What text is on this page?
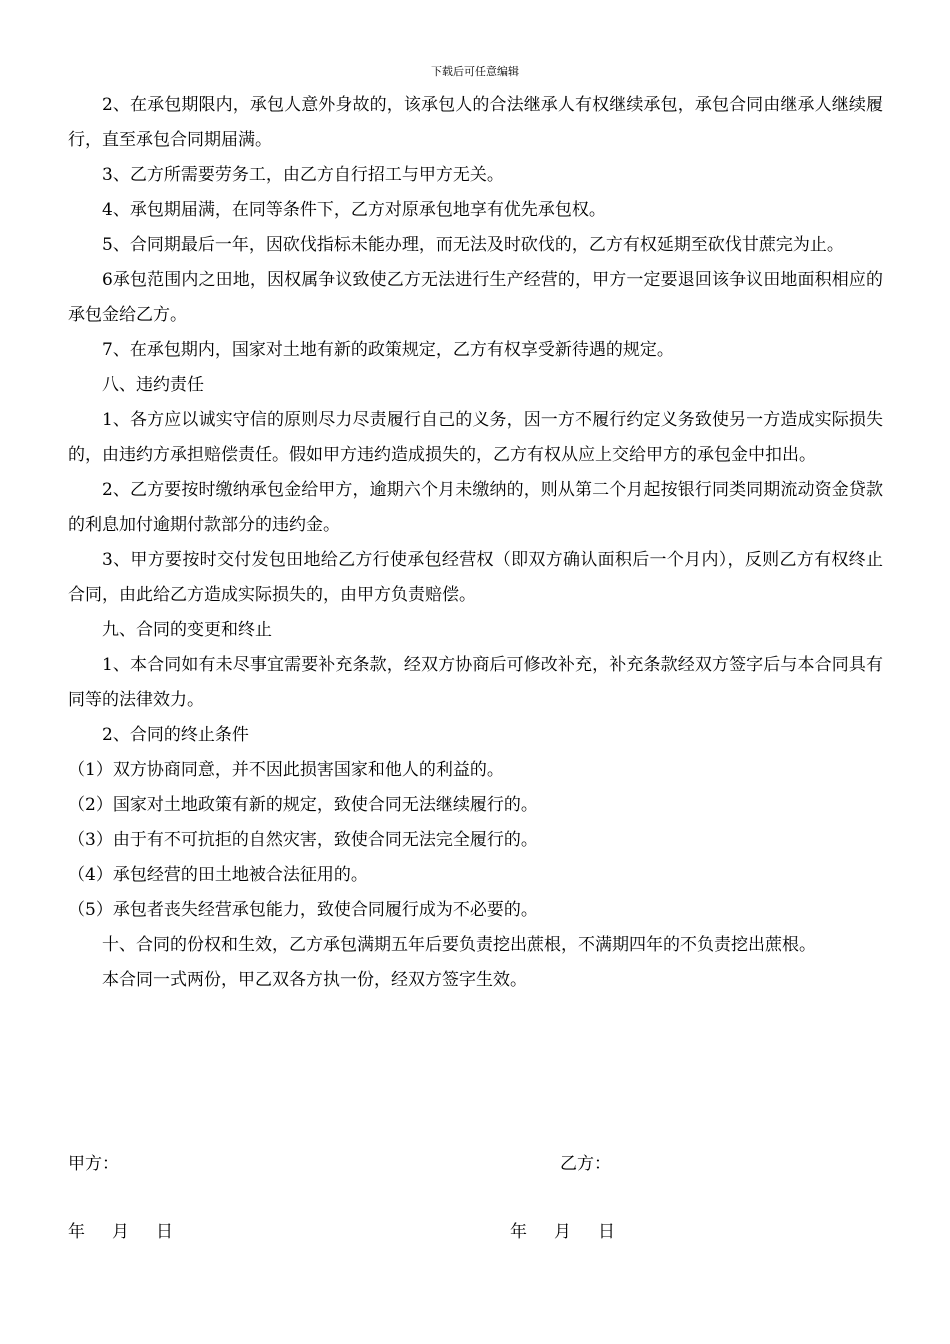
下载后可任意编辑

2、在承包期限内，承包人意外身故的，该承包人的合法继承人有权继续承包，承包合同由继承人继续履行，直至承包合同期届满。

3、乙方所需要劳务工，由乙方自行招工与甲方无关。

4、承包期届满，在同等条件下，乙方对原承包地享有优先承包权。

5、合同期最后一年，因砍伐指标未能办理，而无法及时砍伐的，乙方有权延期至砍伐甘蔗完为止。

6承包范围内之田地，因权属争议致使乙方无法进行生产经营的，甲方一定要退回该争议田地面积相应的承包金给乙方。

7、在承包期内，国家对土地有新的政策规定，乙方有权享受新待遇的规定。

八、违约责任

1、各方应以诚实守信的原则尽力尽责履行自己的义务，因一方不履行约定义务致使另一方造成实际损失的，由违约方承担赔偿责任。假如甲方违约造成损失的，乙方有权从应上交给甲方的承包金中扣出。

2、乙方要按时缴纳承包金给甲方，逾期六个月未缴纳的，则从第二个月起按银行同类同期流动资金贷款的利息加付逾期付款部分的违约金。

3、甲方要按时交付发包田地给乙方行使承包经营权（即双方确认面积后一个月内），反则乙方有权终止合同，由此给乙方造成实际损失的，由甲方负责赔偿。

九、合同的变更和终止

1、本合同如有未尽事宜需要补充条款，经双方协商后可修改补充，补充条款经双方签字后与本合同具有同等的法律效力。

2、合同的终止条件

（1）双方协商同意，并不因此损害国家和他人的利益的。

（2）国家对土地政策有新的规定，致使合同无法继续履行的。

（3）由于有不可抗拒的自然灾害，致使合同无法完全履行的。

（4）承包经营的田土地被合法征用的。

（5）承包者丧失经营承包能力，致使合同履行成为不必要的。

十、合同的份权和生效，乙方承包满期五年后要负责挖出蔗根，不满期四年的不负责挖出蔗根。

本合同一式两份，甲乙双各方执一份，经双方签字生效。

甲方：	乙方：
年     月     日	年     月     日
